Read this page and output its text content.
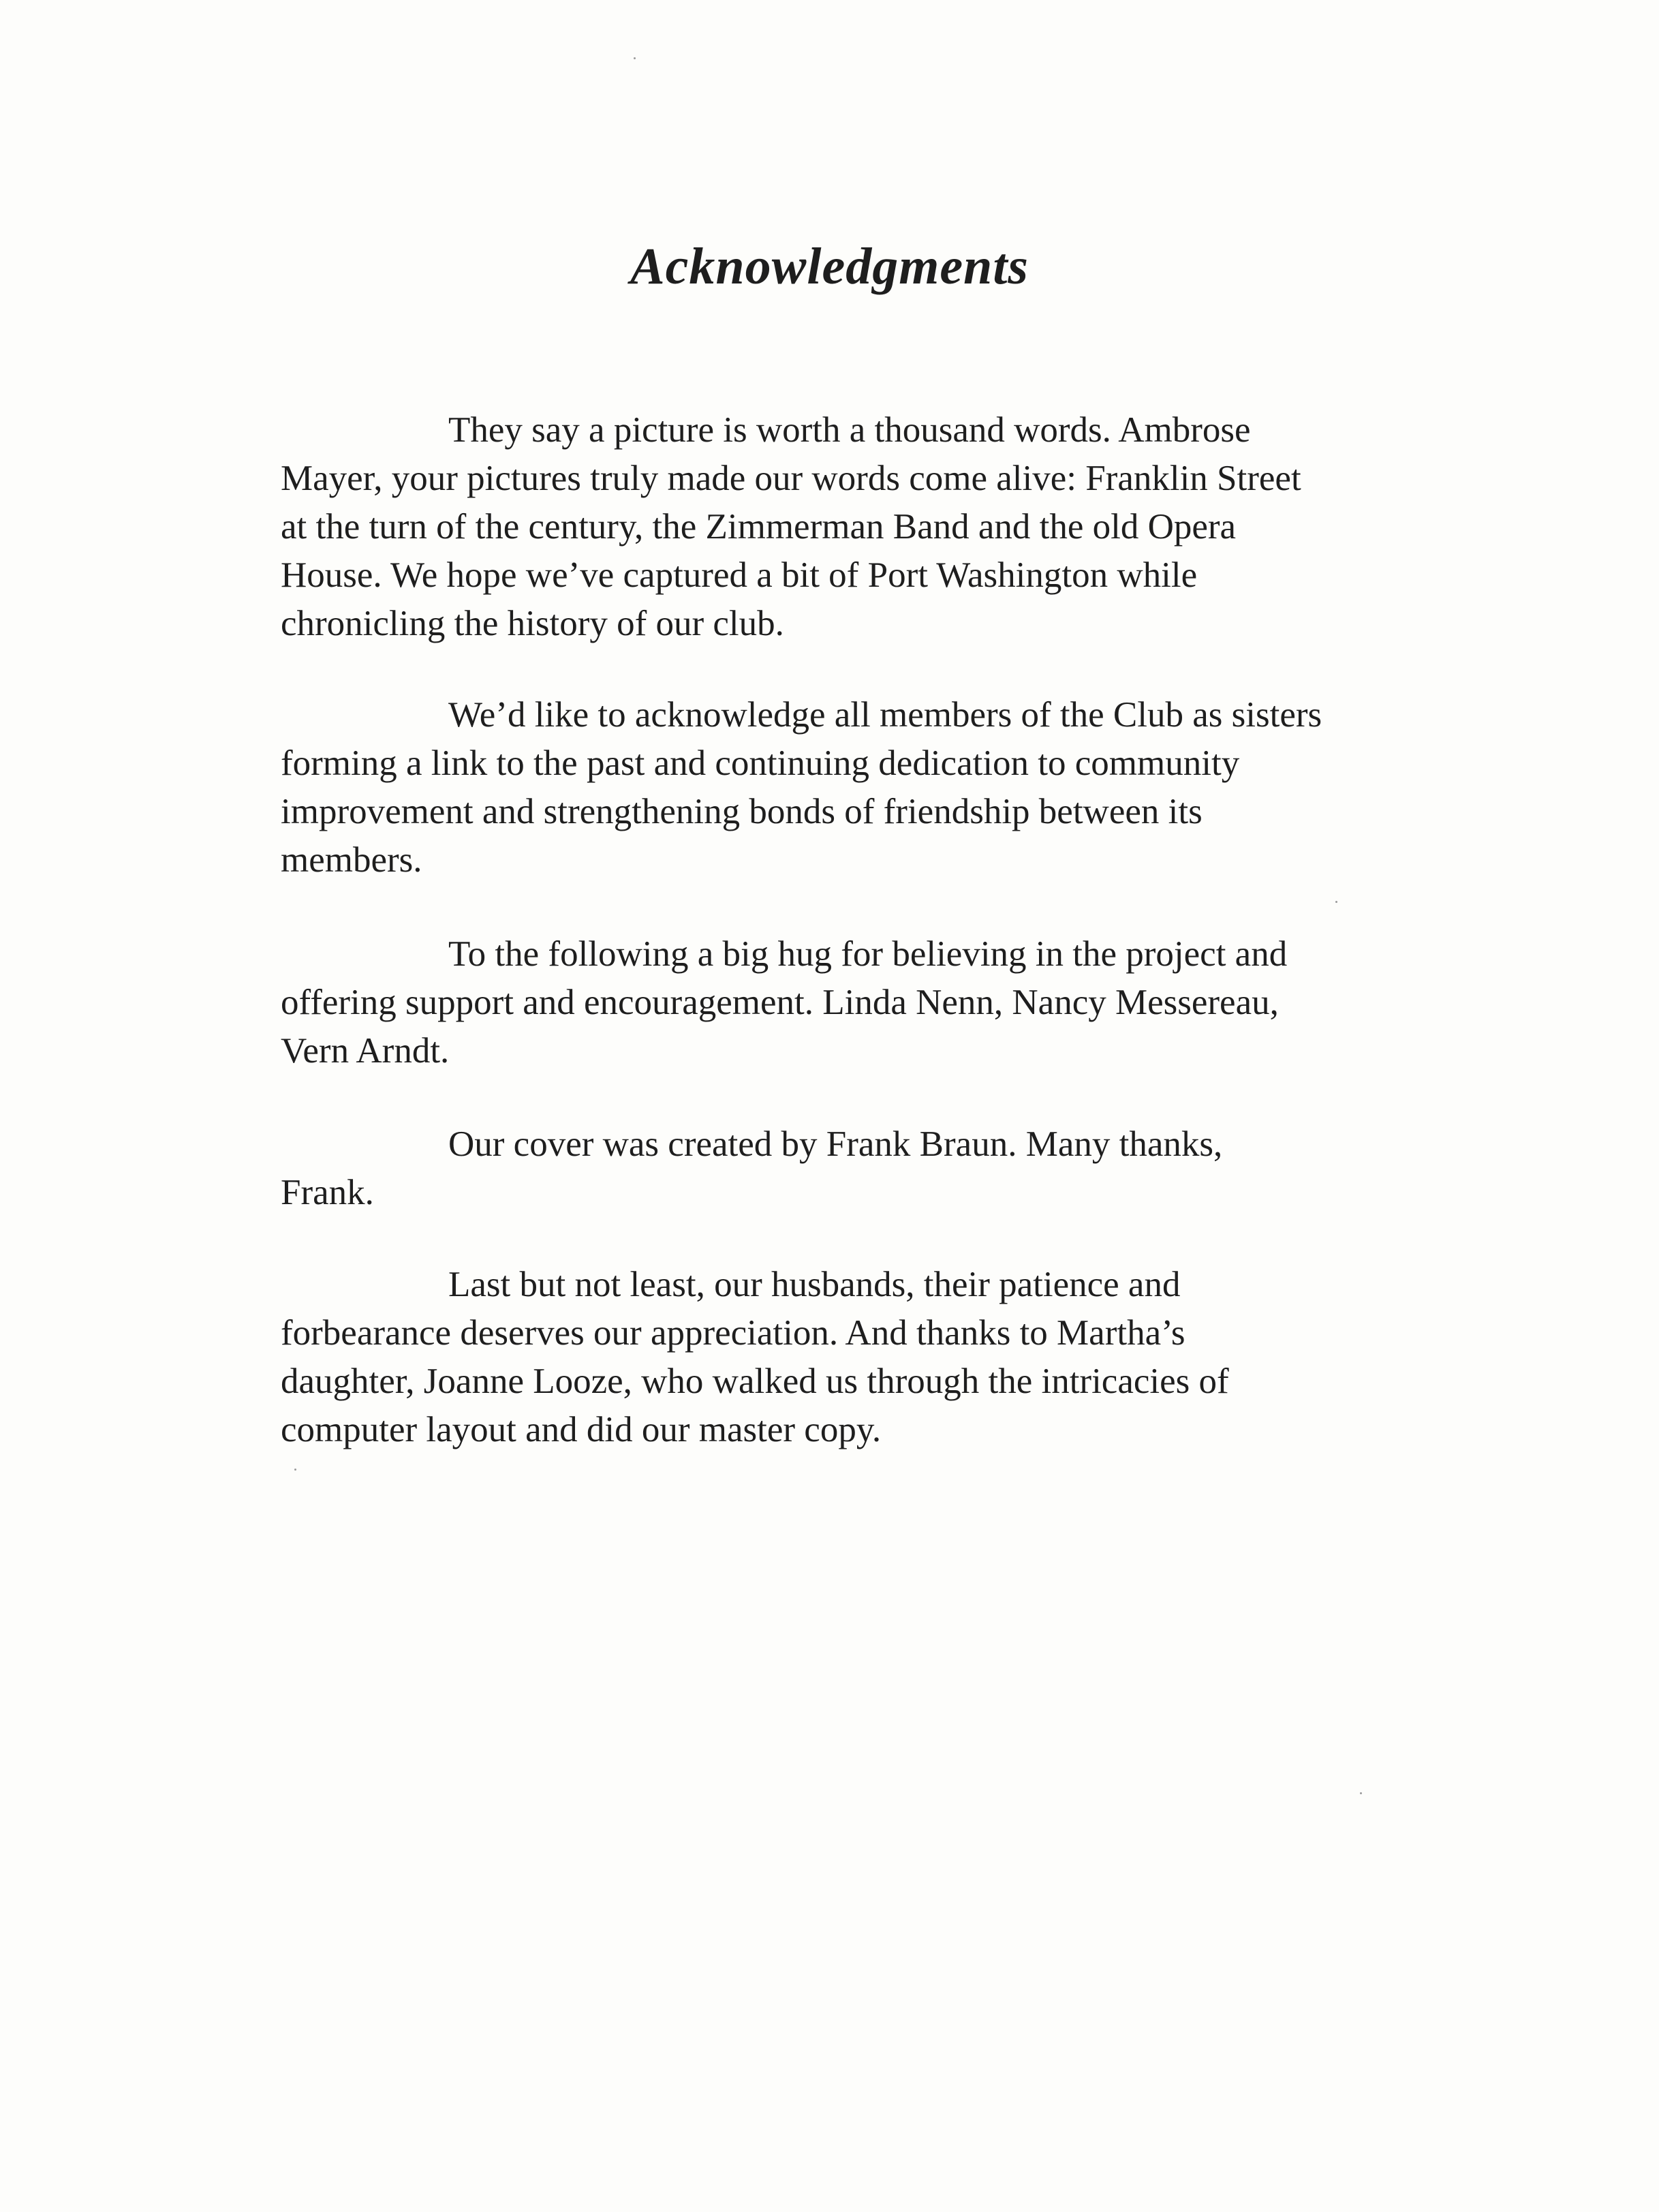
Acknowledgments

They say a picture is worth a thousand words. Ambrose
Mayer, your pictures truly made our words come alive: Franklin Street
at the turn of the century, the Zimmerman Band and the old Opera
House. We hope we’ve captured a bit of Port Washington while
chronicling the history of our club.

We’d like to acknowledge all members of the Club as sisters
forming a link to the past and continuing dedication to community
improvement and strengthening bonds of friendship between its
members.

To the following a big hug for believing in the project and
offering support and encouragement. Linda Nenn, Nancy Messereau,
Vern Arndt.

Our cover was created by Frank Braun. Many thanks,
Frank.

Last but not least, our husbands, their patience and
forbearance deserves our appreciation. And thanks to Martha’s
daughter, Joanne Looze, who walked us through the intricacies of
computer layout and did our master copy.
